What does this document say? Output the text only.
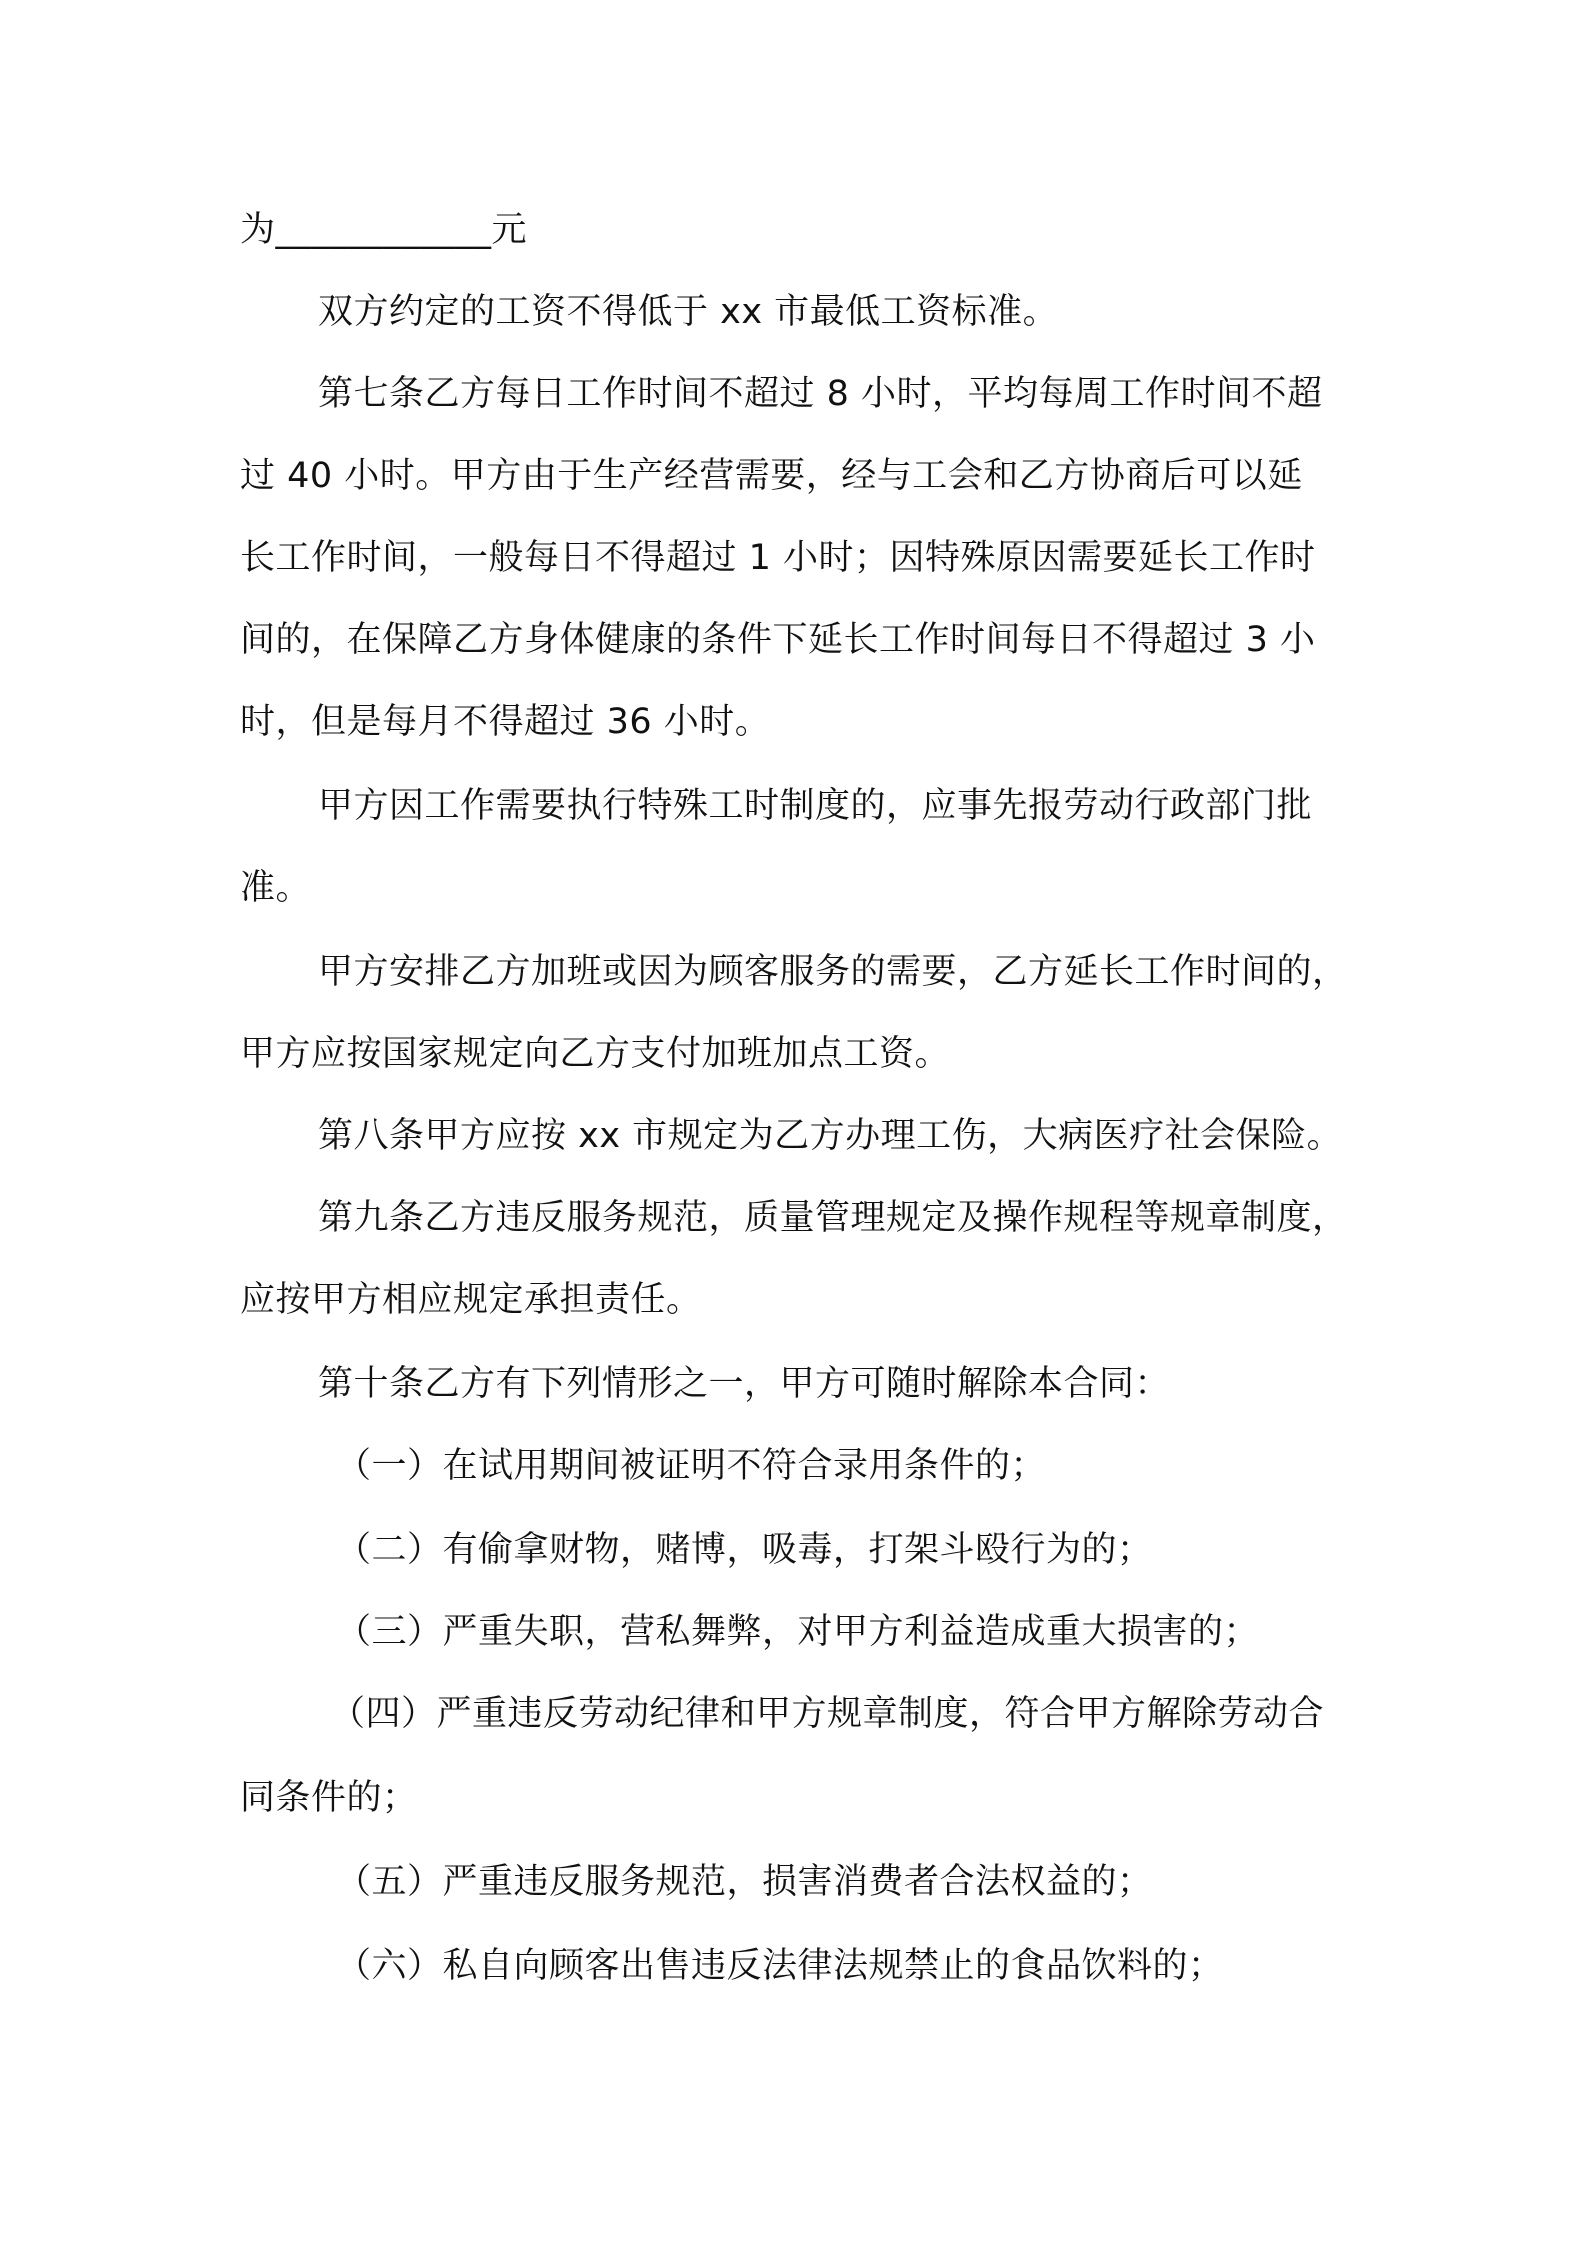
为____________元
双方约定的工资不得低于 xx 市最低工资标准。
第七条乙方每日工作时间不超过 8 小时，平均每周工作时间不超
过 40 小时。甲方由于生产经营需要，经与工会和乙方协商后可以延
长工作时间，一般每日不得超过 1 小时；因特殊原因需要延长工作时
间的，在保障乙方身体健康的条件下延长工作时间每日不得超过 3 小
时，但是每月不得超过 36 小时。
甲方因工作需要执行特殊工时制度的，应事先报劳动行政部门批
准。
甲方安排乙方加班或因为顾客服务的需要，乙方延长工作时间的，
甲方应按国家规定向乙方支付加班加点工资。
第八条甲方应按 xx 市规定为乙方办理工伤，大病医疗社会保险。
第九条乙方违反服务规范，质量管理规定及操作规程等规章制度，
应按甲方相应规定承担责任。
第十条乙方有下列情形之一，甲方可随时解除本合同：
（一）在试用期间被证明不符合录用条件的；
（二）有偷拿财物，赌博，吸毒，打架斗殴行为的；
（三）严重失职，营私舞弊，对甲方利益造成重大损害的；
（四）严重违反劳动纪律和甲方规章制度，符合甲方解除劳动合
同条件的；
（五）严重违反服务规范，损害消费者合法权益的；
（六）私自向顾客出售违反法律法规禁止的食品饮料的；
